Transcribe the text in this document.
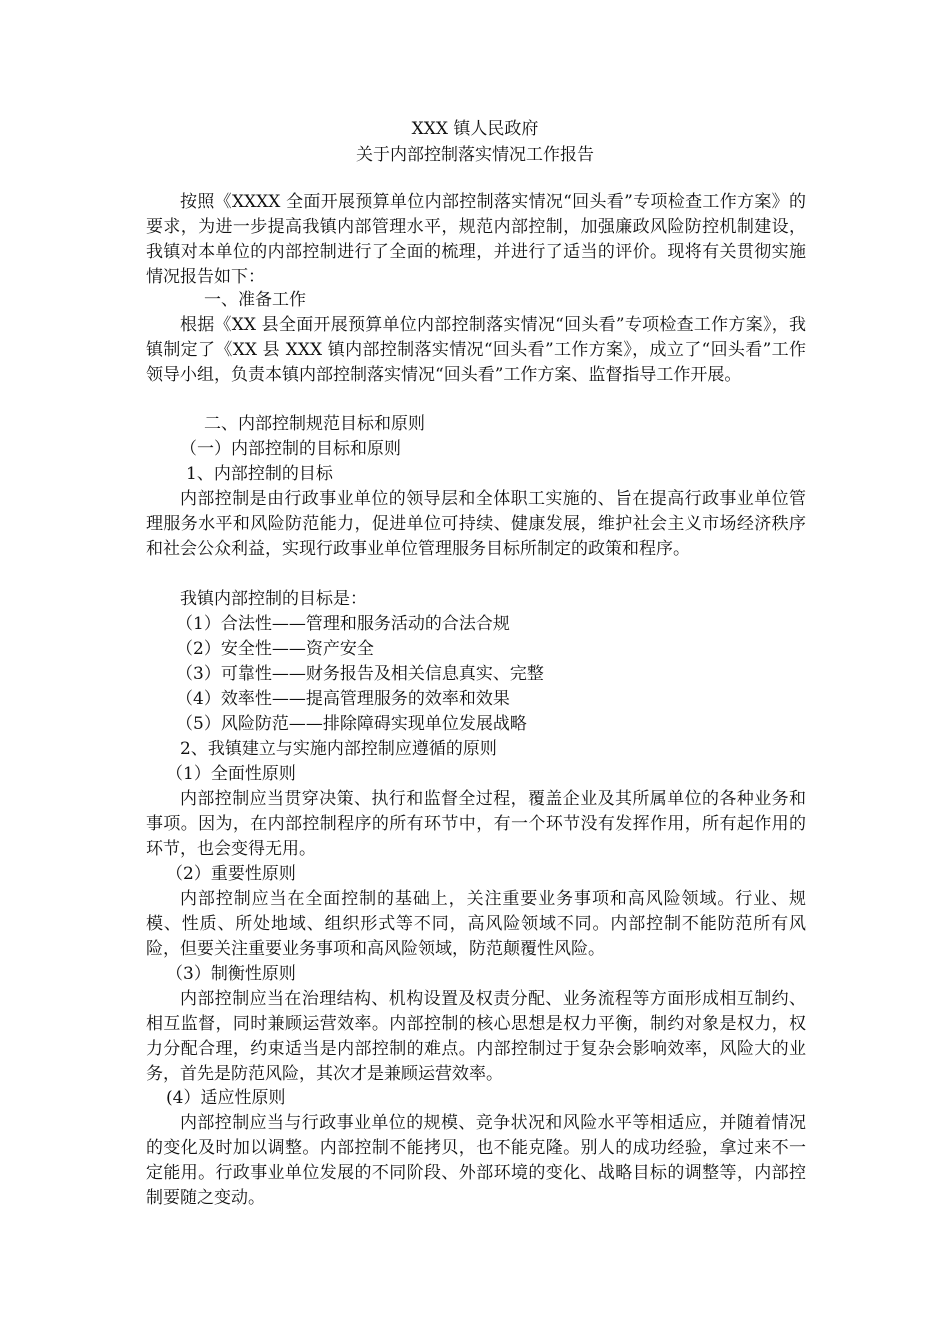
XXX 镇人民政府
关于内部控制落实情况工作报告

按照《XXXX 全面开展预算单位内部控制落实情况“回头看”专项检查工作方案》的要求，为进一步提高我镇内部管理水平，规范内部控制，加强廉政风险防控机制建设，我镇对本单位的内部控制进行了全面的梳理，并进行了适当的评价。现将有关贯彻实施情况报告如下：

一、准备工作

根据《XX 县全面开展预算单位内部控制落实情况“回头看”专项检查工作方案》，我镇制定了《XX 县 XXX 镇内部控制落实情况“回头看”工作方案》，成立了“回头看”工作领导小组，负责本镇内部控制落实情况“回头看”工作方案、监督指导工作开展。

二、内部控制规范目标和原则
（一）内部控制的目标和原则
1、内部控制的目标

内部控制是由行政事业单位的领导层和全体职工实施的、旨在提高行政事业单位管理服务水平和风险防范能力，促进单位可持续、健康发展，维护社会主义市场经济秩序和社会公众利益，实现行政事业单位管理服务目标所制定的政策和程序。

我镇内部控制的目标是：
（1）合法性——管理和服务活动的合法合规
（2）安全性——资产安全
（3）可靠性——财务报告及相关信息真实、完整
（4）效率性——提高管理服务的效率和效果
（5）风险防范——排除障碍实现单位发展战略
2、我镇建立与实施内部控制应遵循的原则
（1）全面性原则

内部控制应当贯穿决策、执行和监督全过程，覆盖企业及其所属单位的各种业务和事项。因为，在内部控制程序的所有环节中，有一个环节没有发挥作用，所有起作用的环节，也会变得无用。

（2）重要性原则

内部控制应当在全面控制的基础上，关注重要业务事项和高风险领域。行业、规模、性质、所处地域、组织形式等不同，高风险领域不同。内部控制不能防范所有风险，但要关注重要业务事项和高风险领域，防范颠覆性风险。

（3）制衡性原则

内部控制应当在治理结构、机构设置及权责分配、业务流程等方面形成相互制约、相互监督，同时兼顾运营效率。内部控制的核心思想是权力平衡，制约对象是权力，权力分配合理，约束适当是内部控制的难点。内部控制过于复杂会影响效率，风险大的业务，首先是防范风险，其次才是兼顾运营效率。

(4）适应性原则

内部控制应当与行政事业单位的规模、竞争状况和风险水平等相适应，并随着情况的变化及时加以调整。内部控制不能拷贝，也不能克隆。别人的成功经验，拿过来不一定能用。行政事业单位发展的不同阶段、外部环境的变化、战略目标的调整等，内部控制要随之变动。
